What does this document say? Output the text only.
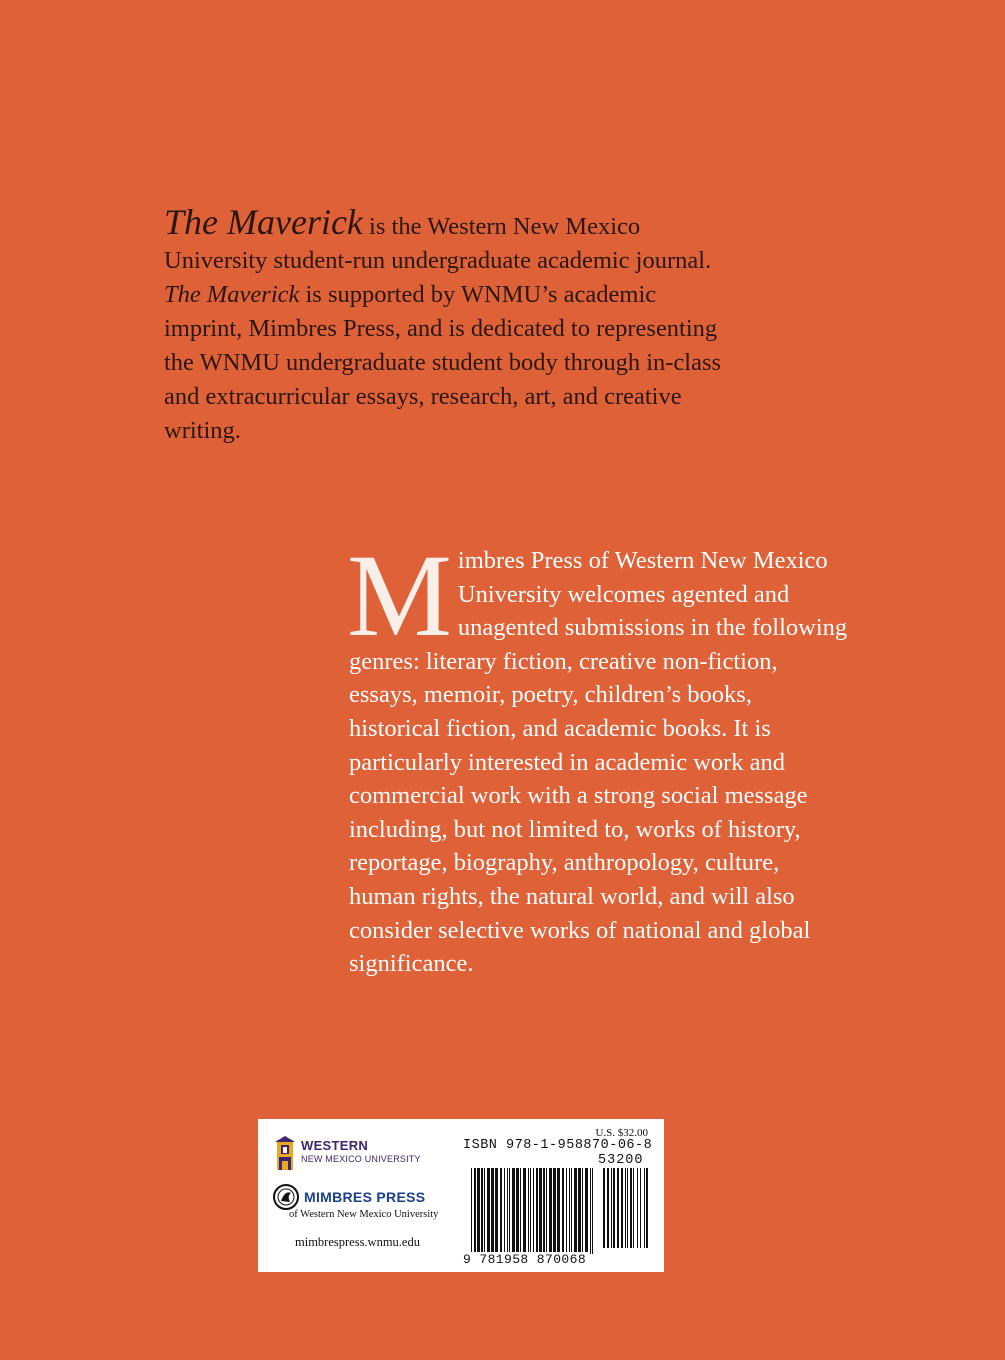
The Maverick is the Western New Mexico University student-run undergraduate academic journal. The Maverick is supported by WNMU’s academic imprint, Mimbres Press, and is dedicated to representing the WNMU undergraduate student body through in-class and extracurricular essays, research, art, and creative writing.

Mimbres Press of Western New Mexico University welcomes agented and unagented submissions in the following genres: literary fiction, creative non-fiction, essays, memoir, poetry, children’s books, historical fiction, and academic books. It is particularly interested in academic work and commercial work with a strong social message including, but not limited to, works of history, reportage, biography, anthropology, culture, human rights, the natural world, and will also consider selective works of national and global significance.

U.S. $32.00
WESTERN
NEW MEXICO UNIVERSITY
MIMBRES PRESS
of Western New Mexico University
mimbrespress.wnmu.edu
ISBN 978-1-958870-06-8
53200
9 781958 870068
